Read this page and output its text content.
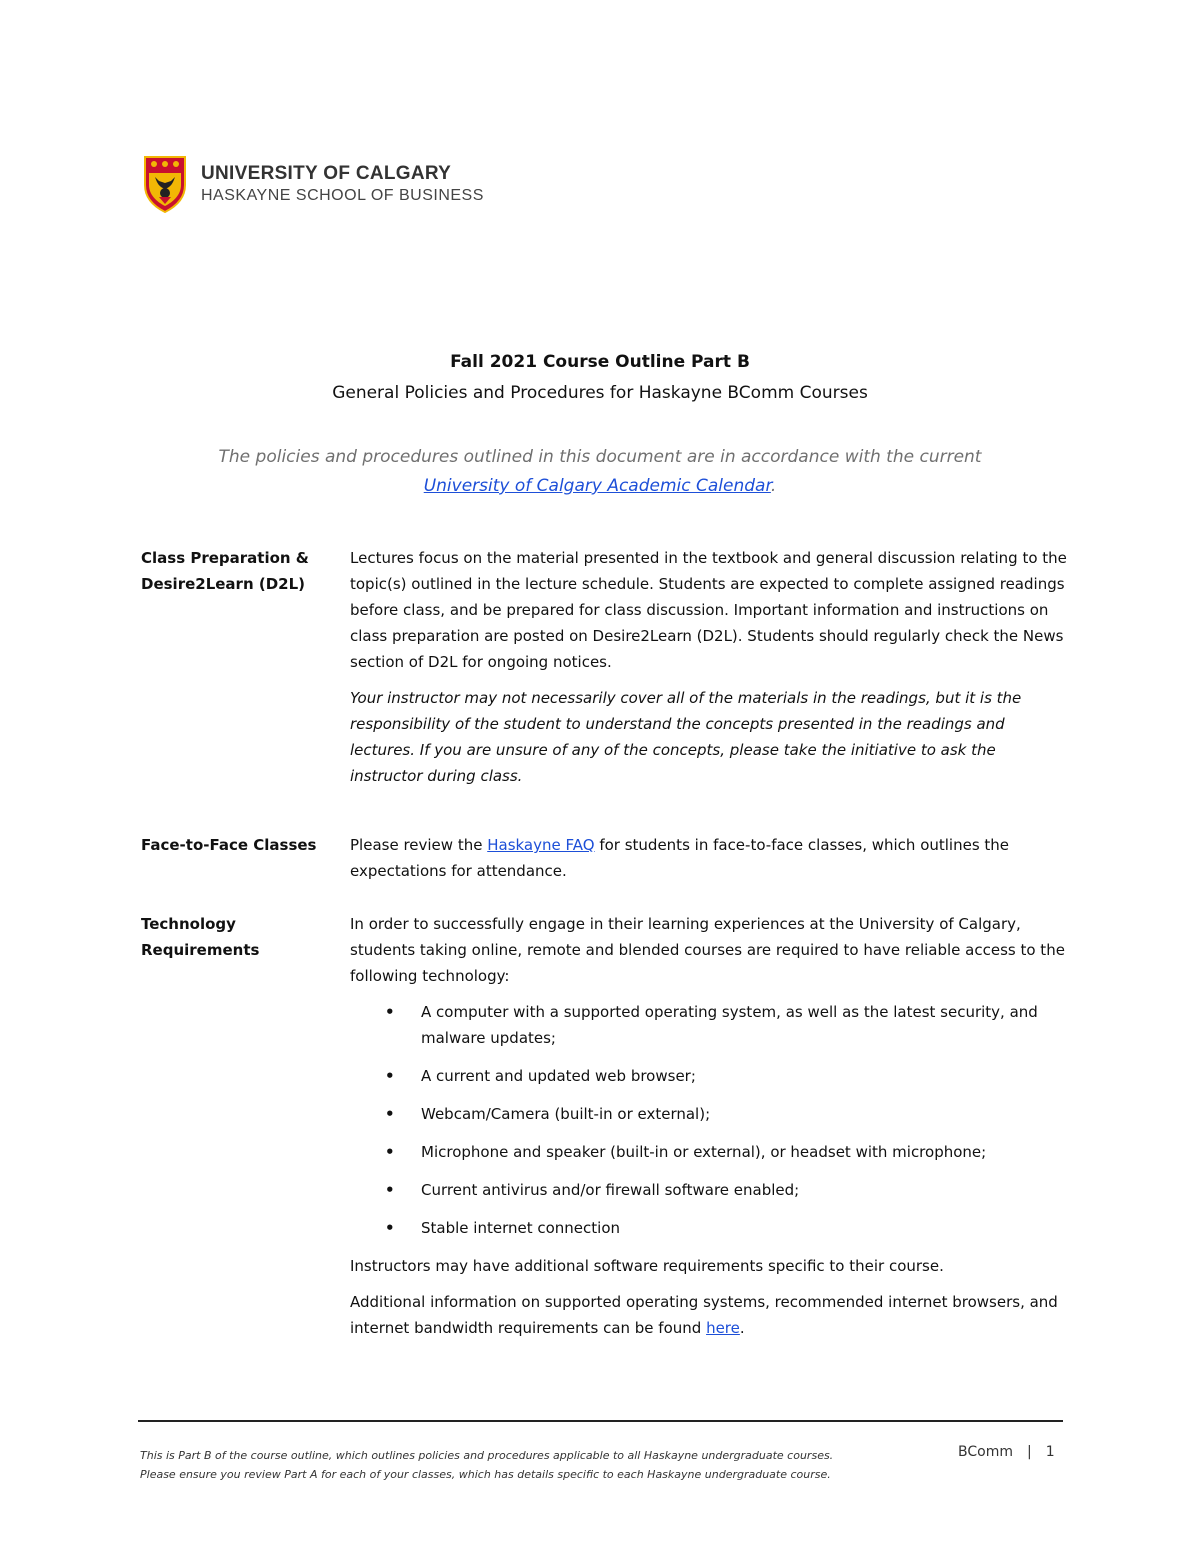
UNIVERSITY OF CALGARY
HASKAYNE SCHOOL OF BUSINESS
Fall 2021 Course Outline Part B
General Policies and Procedures for Haskayne BComm Courses
The policies and procedures outlined in this document are in accordance with the current
University of Calgary Academic Calendar.
Class Preparation & Desire2Learn (D2L)

Lectures focus on the material presented in the textbook and general discussion relating to the topic(s) outlined in the lecture schedule. Students are expected to complete assigned readings before class, and be prepared for class discussion. Important information and instructions on class preparation are posted on Desire2Learn (D2L). Students should regularly check the News section of D2L for ongoing notices.

Your instructor may not necessarily cover all of the materials in the readings, but it is the responsibility of the student to understand the concepts presented in the readings and lectures. If you are unsure of any of the concepts, please take the initiative to ask the instructor during class.

Face-to-Face Classes	Please review the Haskayne FAQ for students in face-to-face classes, which outlines the expectations for attendance.

Technology Requirements

In order to successfully engage in their learning experiences at the University of Calgary, students taking online, remote and blended courses are required to have reliable access to the following technology:

• A computer with a supported operating system, as well as the latest security, and malware updates;
• A current and updated web browser;
• Webcam/Camera (built-in or external);
• Microphone and speaker (built-in or external), or headset with microphone;
• Current antivirus and/or firewall software enabled;
• Stable internet connection

Instructors may have additional software requirements specific to their course.

Additional information on supported operating systems, recommended internet browsers, and internet bandwidth requirements can be found here.

This is Part B of the course outline, which outlines policies and procedures applicable to all Haskayne undergraduate courses.
Please ensure you review Part A for each of your classes, which has details specific to each Haskayne undergraduate course.
BComm | 1
